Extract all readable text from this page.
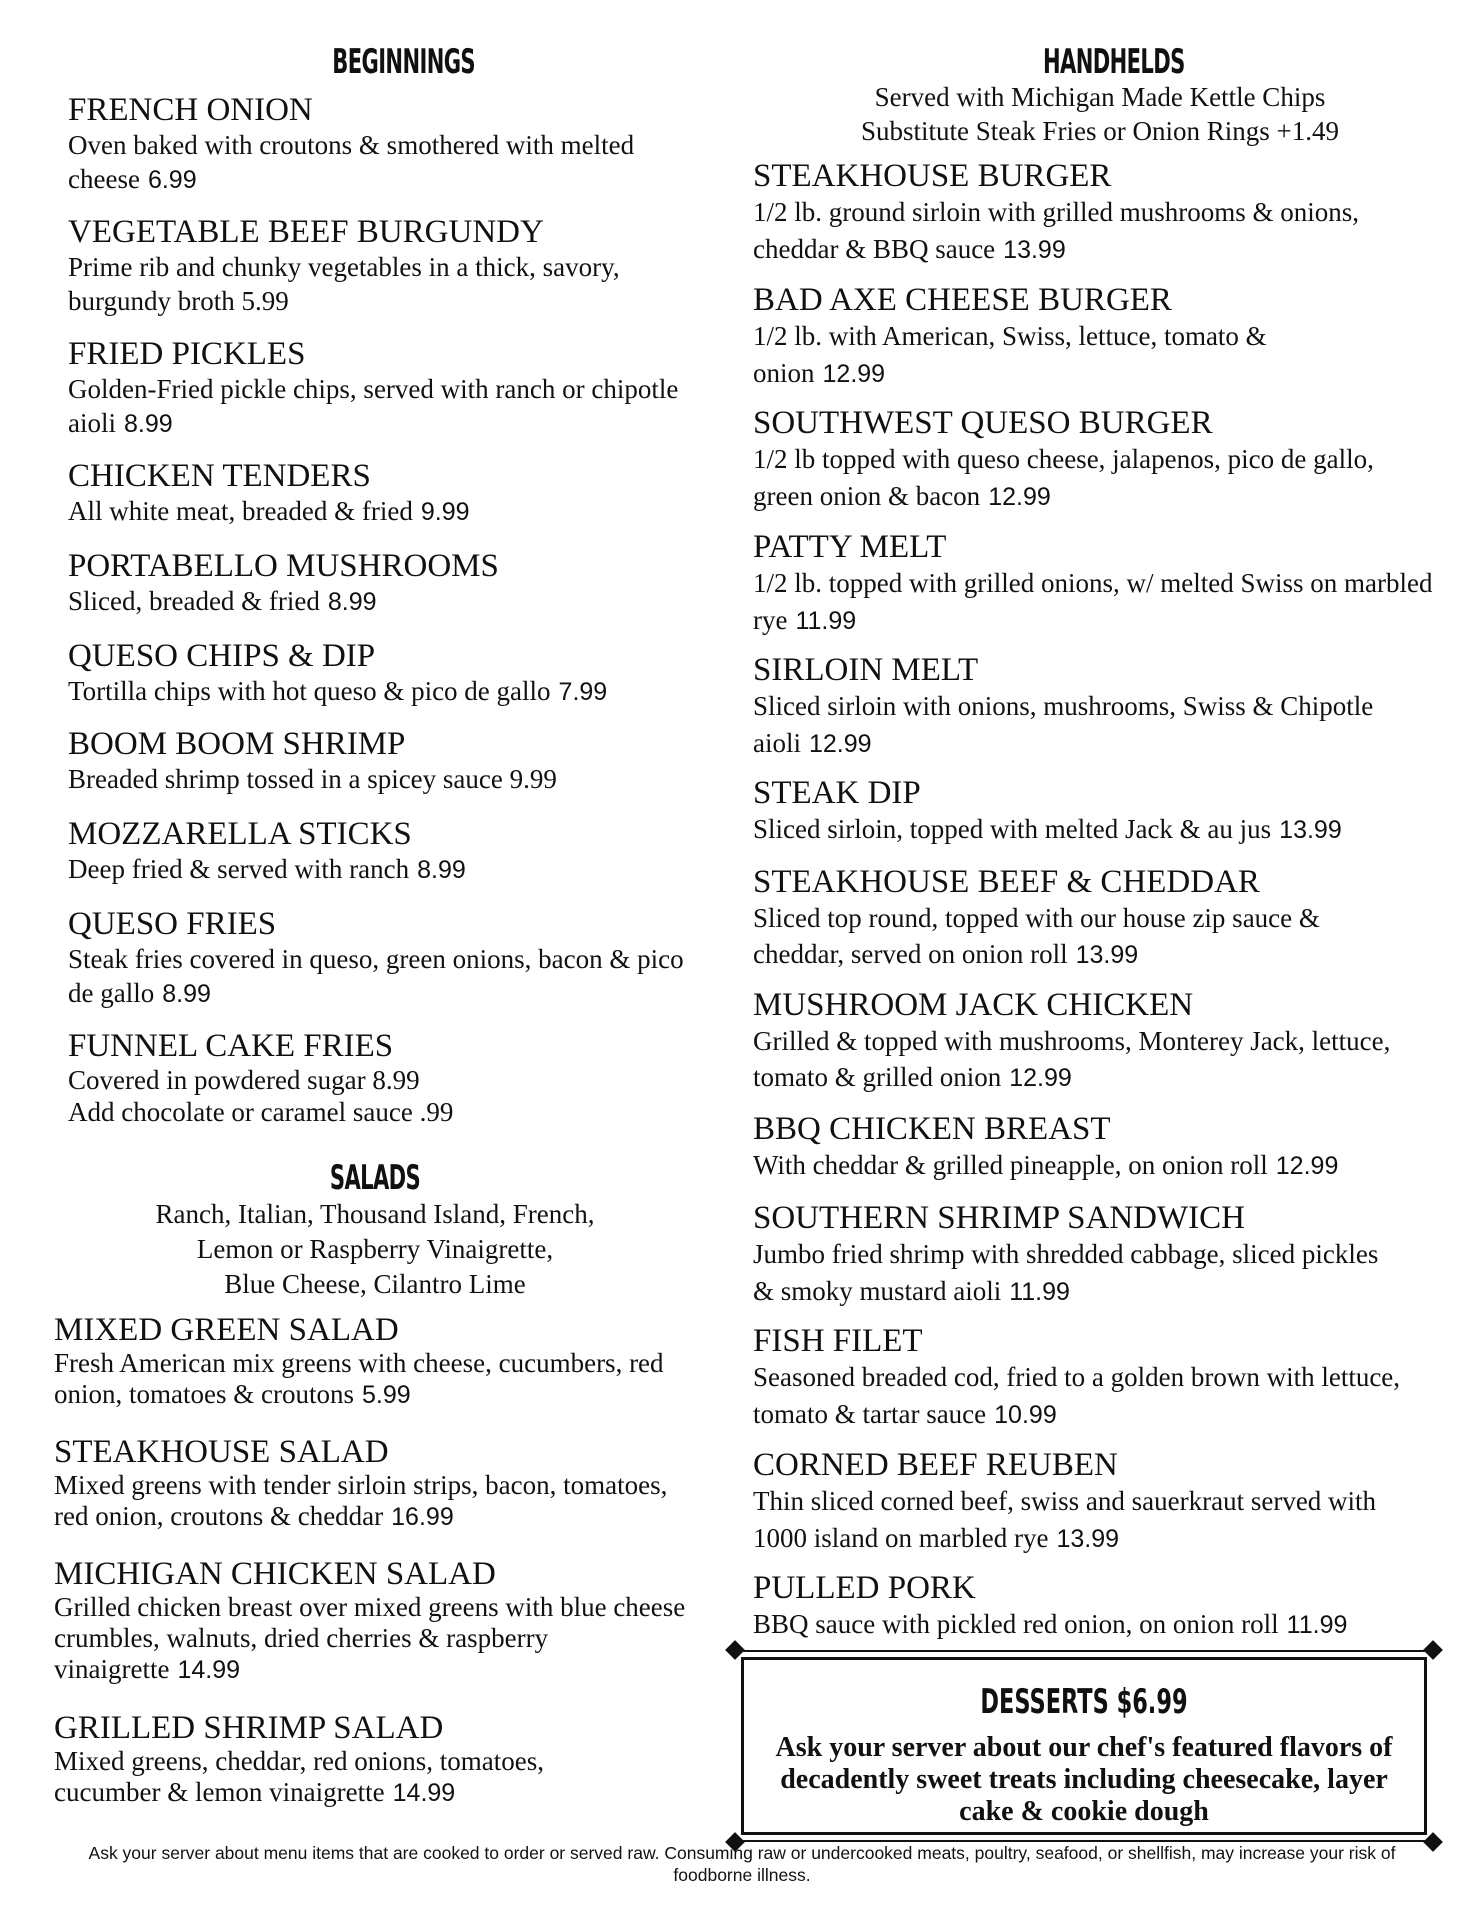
BEGINNINGS
FRENCH ONION
Oven baked with croutons & smothered with melted cheese 6.99
VEGETABLE BEEF BURGUNDY
Prime rib and chunky vegetables in a thick, savory, burgundy broth 5.99
FRIED PICKLES
Golden-Fried pickle chips, served with ranch or chipotle aioli 8.99
CHICKEN TENDERS
All white meat, breaded & fried 9.99
PORTABELLO MUSHROOMS
Sliced, breaded & fried 8.99
QUESO CHIPS & DIP
Tortilla chips with hot queso & pico de gallo 7.99
BOOM BOOM SHRIMP
Breaded shrimp tossed in a spicey sauce 9.99
MOZZARELLA STICKS
Deep fried & served with ranch 8.99
QUESO FRIES
Steak fries covered in queso, green onions, bacon & pico de gallo 8.99
FUNNEL CAKE FRIES
Covered in powdered sugar 8.99
Add chocolate or caramel sauce .99
SALADS
Ranch, Italian, Thousand Island, French,
Lemon or Raspberry Vinaigrette,
Blue Cheese, Cilantro Lime
MIXED GREEN SALAD
Fresh American mix greens with cheese, cucumbers, red onion, tomatoes & croutons 5.99
STEAKHOUSE SALAD
Mixed greens with tender sirloin strips, bacon, tomatoes, red onion, croutons & cheddar 16.99
MICHIGAN CHICKEN SALAD
Grilled chicken breast over mixed greens with blue cheese crumbles, walnuts, dried cherries & raspberry vinaigrette 14.99
GRILLED SHRIMP SALAD
Mixed greens, cheddar, red onions, tomatoes, cucumber & lemon vinaigrette 14.99
HANDHELDS
Served with Michigan Made Kettle Chips
Substitute Steak Fries or Onion Rings +1.49
STEAKHOUSE BURGER
1/2 lb. ground sirloin with grilled mushrooms & onions, cheddar & BBQ sauce 13.99
BAD AXE CHEESE BURGER
1/2 lb. with American, Swiss, lettuce, tomato & onion 12.99
SOUTHWEST QUESO BURGER
1/2 lb topped with queso cheese, jalapenos, pico de gallo, green onion & bacon 12.99
PATTY MELT
1/2 lb. topped with grilled onions, w/ melted Swiss on marbled rye 11.99
SIRLOIN MELT
Sliced sirloin with onions, mushrooms, Swiss & Chipotle aioli 12.99
STEAK DIP
Sliced sirloin, topped with melted Jack & au jus 13.99
STEAKHOUSE BEEF & CHEDDAR
Sliced top round, topped with our house zip sauce & cheddar, served on onion roll 13.99
MUSHROOM JACK CHICKEN
Grilled & topped with mushrooms, Monterey Jack, lettuce, tomato & grilled onion 12.99
BBQ CHICKEN BREAST
With cheddar & grilled pineapple, on onion roll 12.99
SOUTHERN SHRIMP SANDWICH
Jumbo fried shrimp with shredded cabbage, sliced pickles & smoky mustard aioli 11.99
FISH FILET
Seasoned breaded cod, fried to a golden brown with lettuce, tomato & tartar sauce 10.99
CORNED BEEF REUBEN
Thin sliced corned beef, swiss and sauerkraut served with 1000 island on marbled rye 13.99
PULLED PORK
BBQ sauce with pickled red onion, on onion roll 11.99
DESSERTS $6.99
Ask your server about our chef's featured flavors of decadently sweet treats including cheesecake, layer cake & cookie dough
Ask your server about menu items that are cooked to order or served raw. Consuming raw or undercooked meats, poultry, seafood, or shellfish, may increase your risk of foodborne illness.
